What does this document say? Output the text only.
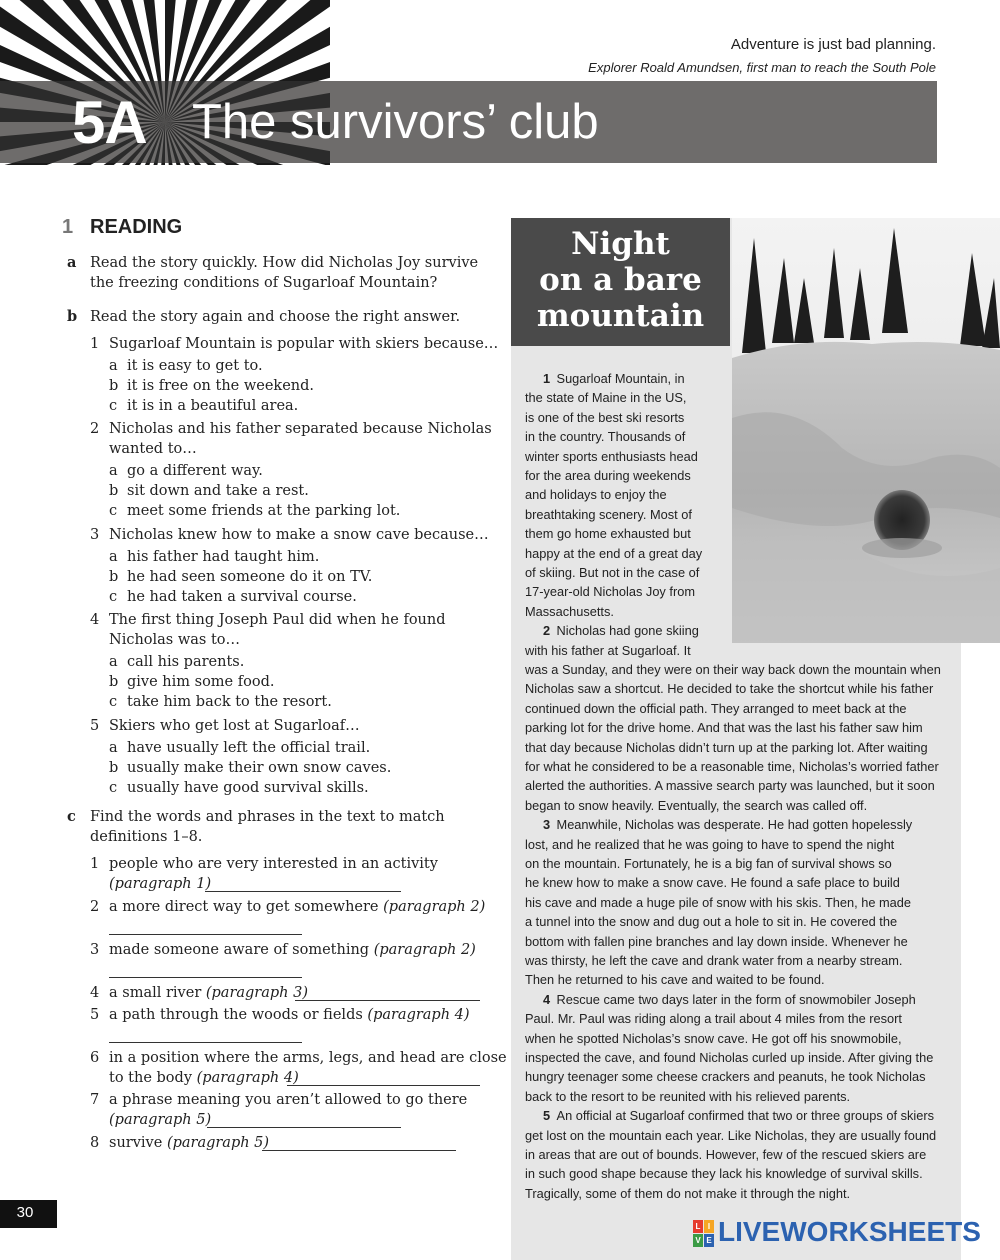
Adventure is just bad planning.
Explorer Roald Amundsen, first man to reach the South Pole
5A The survivors’ club
1 READING
a Read the story quickly. How did Nicholas Joy survive
the freezing conditions of Sugarloaf Mountain?
b Read the story again and choose the right answer.
1 Sugarloaf Mountain is popular with skiers because…
a it is easy to get to.
b it is free on the weekend.
c it is in a beautiful area.
2 Nicholas and his father separated because Nicholas
wanted to…
a go a different way.
b sit down and take a rest.
c meet some friends at the parking lot.
3 Nicholas knew how to make a snow cave because…
a his father had taught him.
b he had seen someone do it on TV.
c he had taken a survival course.
4 The first thing Joseph Paul did when he found
Nicholas was to…
a call his parents.
b give him some food.
c take him back to the resort.
5 Skiers who get lost at Sugarloaf…
a have usually left the official trail.
b usually make their own snow caves.
c usually have good survival skills.
c Find the words and phrases in the text to match
definitions 1–8.
1 people who are very interested in an activity
(paragraph 1)
2 a more direct way to get somewhere (paragraph 2)
3 made someone aware of something (paragraph 2)
4 a small river (paragraph 3)
5 a path through the woods or fields (paragraph 4)
6 in a position where the arms, legs, and head are close
to the body (paragraph 4)
7 a phrase meaning you aren’t allowed to go there
(paragraph 5)
8 survive (paragraph 5)
Night
on a bare
mountain
1  Sugarloaf Mountain, in
the state of Maine in the US,
is one of the best ski resorts
in the country. Thousands of
winter sports enthusiasts head
for the area during weekends
and holidays to enjoy the
breathtaking scenery. Most of
them go home exhausted but
happy at the end of a great day
of skiing. But not in the case of
17-year-old Nicholas Joy from
Massachusetts.
2  Nicholas had gone skiing
with his father at Sugarloaf. It
was a Sunday, and they were on their way back down the mountain when
Nicholas saw a shortcut. He decided to take the shortcut while his father
continued down the official path. They arranged to meet back at the
parking lot for the drive home. And that was the last his father saw him
that day because Nicholas didn’t turn up at the parking lot. After waiting
for what he considered to be a reasonable time, Nicholas’s worried father
alerted the authorities. A massive search party was launched, but it soon
began to snow heavily. Eventually, the search was called off.
3  Meanwhile, Nicholas was desperate. He had gotten hopelessly
lost, and he realized that he was going to have to spend the night
on the mountain. Fortunately, he is a big fan of survival shows so
he knew how to make a snow cave. He found a safe place to build
his cave and made a huge pile of snow with his skis. Then, he made
a tunnel into the snow and dug out a hole to sit in. He covered the
bottom with fallen pine branches and lay down inside. Whenever he
was thirsty, he left the cave and drank water from a nearby stream.
Then he returned to his cave and waited to be found.
4  Rescue came two days later in the form of snowmobiler Joseph
Paul. Mr. Paul was riding along a trail about 4 miles from the resort
when he spotted Nicholas’s snow cave. He got off his snowmobile,
inspected the cave, and found Nicholas curled up inside. After giving the
hungry teenager some cheese crackers and peanuts, he took Nicholas
back to the resort to be reunited with his relieved parents.
5  An official at Sugarloaf confirmed that two or three groups of skiers
get lost on the mountain each year. Like Nicholas, they are usually found
in areas that are out of bounds. However, few of the rescued skiers are
in such good shape because they lack his knowledge of survival skills.
Tragically, some of them do not make it through the night.
30
L I
V E LIVEWORKSHEETS
